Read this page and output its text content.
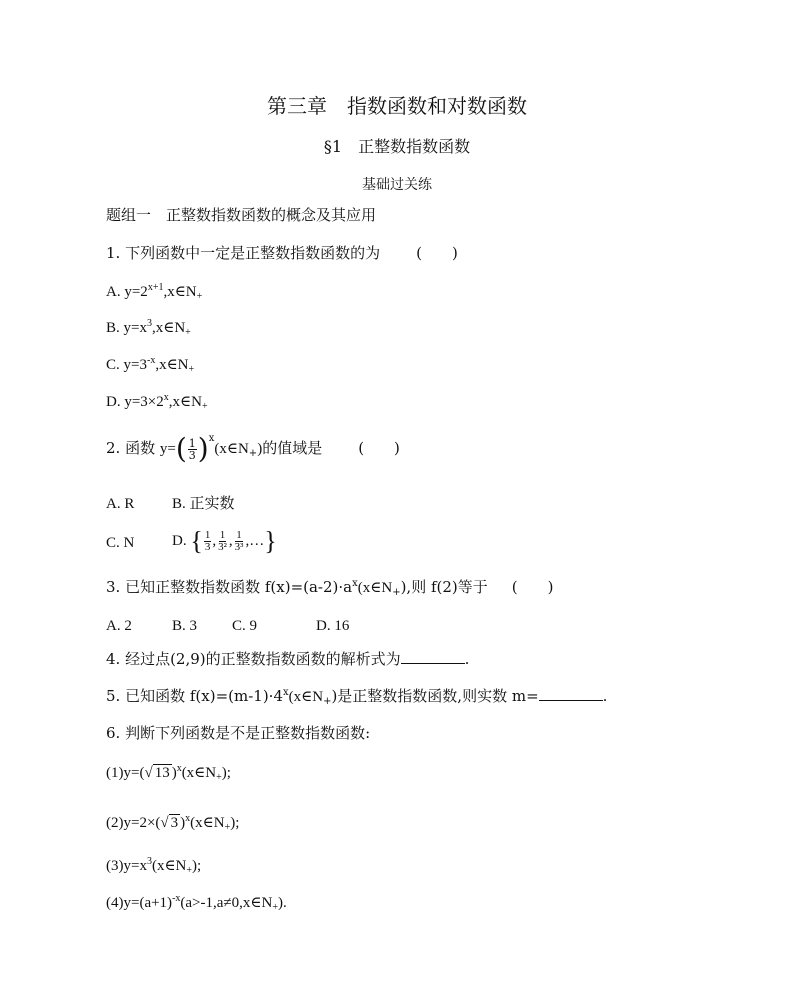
第三章　指数函数和对数函数
§1　正整数指数函数
基础过关练
题组一　正整数指数函数的概念及其应用
1. 下列函数中一定是正整数指数函数的为 (　　)
A. $y=2^{x+1},x\in N_+$
B. $y=x^3,x\in N_+$
C. $y=3^{-x},x\in N_+$
D. $y=3\times 2^x,x\in N_+$
2. 函数 $y=( \frac{1}{3}$ )$^x(x\in N_+)$的值域是 (　　)
A. R	B. 正实数
C. N	D. { $\frac{1}{3}$ , $\frac{1}{\text{3²}}$ , $\frac{1}{\text{3³}}$ ,…}
3. 已知正整数指数函数 $f(x)=(a-2)\cdot a^x(x\in N_+)$,则 f(2)等于 (　　)
A. 2	B. 3 C. 9	D. 16
4. 经过点(2,9)的正整数指数函数的解析式为	.
5. 已知函数 $f(x)=(m-1)\cdot 4^x(x\in N_+)$是正整数指数函数,则实数 m=	.
6. 判断下列函数是不是正整数指数函数:
(1)y=(√ 13 )$^x(x\in N_+)$;
(2)y=2×(√ 3 )$^x(x\in N_+)$;
$(3)y=x^3(x\in N_+)$;
$(4)y=(a+1)^{-x}(a>-1,a\ne 0,x\in N_+)$.
